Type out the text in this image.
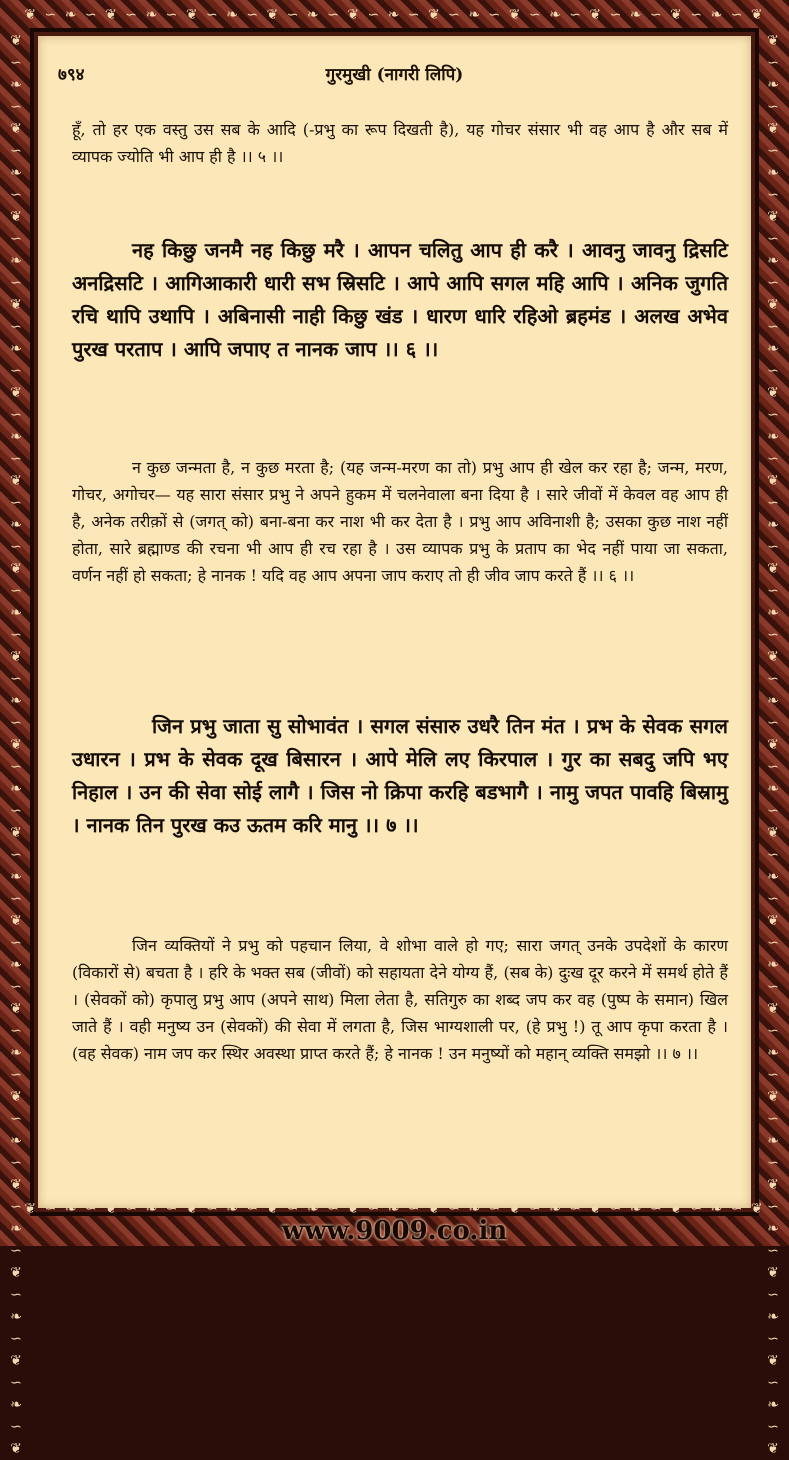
❦ ∽ ❧ ∽ ❦ ∽ ❧ ∽ ❦ ∽ ❧ ∽ ❦ ∽ ❧ ∽ ❦ ∽ ❧ ∽ ❦ ∽ ❧ ∽ ❦ ∽ ❧ ∽ ❦ ∽ ❧ ∽ ❦ ∽ ❧ ∽ ❦
❦ ∽ ❧ ∽ ❦ ∽ ❧ ∽ ❦ ∽ ❧ ∽ ❦ ∽ ❧ ∽ ❦ ∽ ❧ ∽ ❦ ∽ ❧ ∽ ❦ ∽ ❧ ∽ ❦ ∽ ❧ ∽ ❦ ∽ ❧ ∽ ❦ ∽ ❧ ∽ ❦ ∽ ❧ ∽ ❦ ∽ ❧ ∽ ❦ ∽ ❧ ∽ ❦ ∽ ❧ ∽ ❦ ∽ ❧ ∽ ❦ ∽ ❧ ∽ ❦
❦ ∽ ❧ ∽ ❦ ∽ ❧ ∽ ❦ ∽ ❧ ∽ ❦ ∽ ❧ ∽ ❦ ∽ ❧ ∽ ❦ ∽ ❧ ∽ ❦ ∽ ❧ ∽ ❦ ∽ ❧ ∽ ❦ ∽ ❧ ∽ ❦ ∽ ❧ ∽ ❦ ∽ ❧ ∽ ❦ ∽ ❧ ∽ ❦ ∽ ❧ ∽ ❦ ∽ ❧ ∽ ❦ ∽ ❧ ∽ ❦ ∽ ❧ ∽ ❦
७९४	गुरमुखी (नागरी लिपि)
हूँ, तो हर एक वस्तु उस सब के आदि (-प्रभु का रूप दिखती है), यह गोचर संसार भी वह आप है और सब में व्यापक ज्योति भी आप ही है ।। ५ ।।
नह किछु जनमै नह किछु मरै । आपन चलितु आप ही करै । आवनु जावनु द्रिसटि अनद्रिसटि । आगिआकारी धारी सभ स्रिसटि । आपे आपि सगल महि आपि । अनिक जुगति रचि थापि उथापि । अबिनासी नाही किछु खंड । धारण धारि रहिओ ब्रहमंड । अलख अभेव पुरख परताप । आपि जपाए त नानक जाप ।। ६ ।।
न कुछ जन्मता है, न कुछ मरता है; (यह जन्म-मरण का तो) प्रभु आप ही खेल कर रहा है; जन्म, मरण, गोचर, अगोचर— यह सारा संसार प्रभु ने अपने हुकम में चलनेवाला बना दिया है । सारे जीवों में केवल वह आप ही है, अनेक तरीक़ों से (जगत् को) बना-बना कर नाश भी कर देता है । प्रभु आप अविनाशी है; उसका कुछ नाश नहीं होता, सारे ब्रह्माण्ड की रचना भी आप ही रच रहा है । उस व्यापक प्रभु के प्रताप का भेद नहीं पाया जा सकता, वर्णन नहीं हो सकता; हे नानक ! यदि वह आप अपना जाप कराए तो ही जीव जाप करते हैं ।। ६ ।।
जिन प्रभु जाता सु सोभावंत । सगल संसारु उधरै तिन मंत । प्रभ के सेवक सगल उधारन । प्रभ के सेवक दूख बिसारन । आपे मेलि लए किरपाल । गुर का सबदु जपि भए निहाल । उन की सेवा सोई लागै । जिस नो क्रिपा करहि बडभागै । नामु जपत पावहि बिस्रामु । नानक तिन पुरख कउ ऊतम करि मानु ।। ७ ।।
जिन व्यक्तियों ने प्रभु को पहचान लिया, वे शोभा वाले हो गए; सारा जगत् उनके उपदेशों के कारण (विकारों से) बचता है । हरि के भक्त सब (जीवों) को सहायता देने योग्य हैं, (सब के) दुःख दूर करने में समर्थ होते हैं । (सेवकों को) कृपालु प्रभु आप (अपने साथ) मिला लेता है, सतिगुरु का शब्द जप कर वह (पुष्प के समान) खिल जाते हैं । वही मनुष्य उन (सेवकों) की सेवा में लगता है, जिस भाग्यशाली पर, (हे प्रभु !) तू आप कृपा करता है । (वह सेवक) नाम जप कर स्थिर अवस्था प्राप्त करते हैं; हे नानक ! उन मनुष्यों को महान् व्यक्ति समझो ।। ७ ।।
❦ ∽ ❧ ∽ ❦ ∽ ❧ ∽ ❦ ∽ ❧ ∽ ❦ ∽ ❧ ∽ ❦ ∽ ❧ ∽ ❦ ∽ ❧ ∽ ❦ ∽ ❧ ∽ ❦ ∽ ❧ ∽ ❦ ∽ ❧ ∽ ❦
www.9009.co.in
